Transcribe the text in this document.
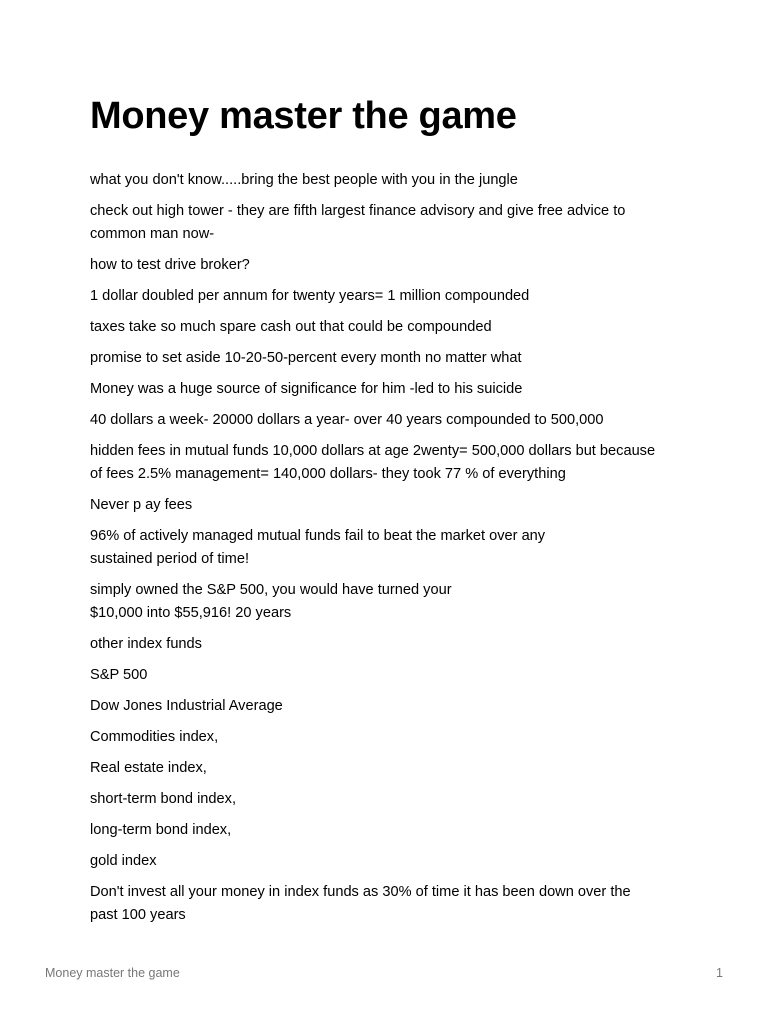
Money master the game

what you don't know.....bring the best people with you in the jungle

check out high tower - they are fifth largest finance advisory and give free advice to
common man now-

how to test drive broker?

1 dollar doubled per annum for twenty years= 1 million compounded

taxes take so much spare cash out that could be compounded

promise to set aside 10-20-50-percent every month no matter what

Money was a huge source of significance for him -led to his suicide

40 dollars a week- 20000 dollars a year- over 40 years compounded to 500,000

hidden fees in mutual funds 10,000 dollars at age 2wenty= 500,000 dollars but because
of fees 2.5% management= 140,000 dollars- they took 77 % of everything

Never p ay fees

96% of actively managed mutual funds fail to beat the market over any
sustained period of time!

simply owned the S&P 500, you would have turned your
$10,000 into $55,916! 20 years

other index funds

S&P 500

Dow Jones Industrial Average

Commodities index,

Real estate index,

short-term bond index,

long-term bond index,

gold index

Don't invest all your money in index funds as 30% of time it has been down over the
past 100 years

Money master the game	1
